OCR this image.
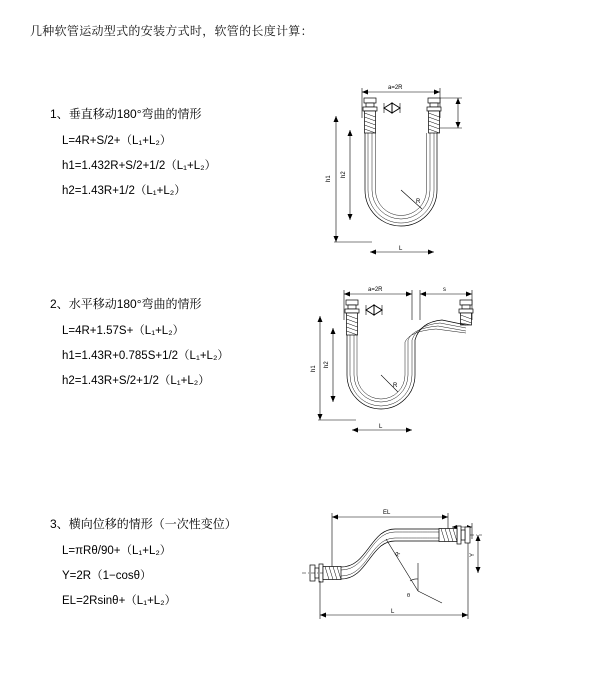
几种软管运动型式的安装方式时，软管的长度计算：
1、垂直移动180°弯曲的情形
L=4R+S/2+（L₁+L₂）
h1=1.432R+S/2+1/2（L₁+L₂）
h2=1.43R+1/2（L₁+L₂）
a=2R
h1
h2
R
L
2、水平移动180°弯曲的情形
L=4R+1.57S+（L₁+L₂）
h1=1.43R+0.785S+1/2（L₁+L₂）
h2=1.43R+S/2+1/2（L₁+L₂）
a=2R	s
h1
h2
R
L
3、横向位移的情形（一次性变位）
L=πRθ/90+（L₁+L₂）
Y=2R（1−cosθ）
EL=2Rsinθ+（L₁+L₂）
EL
Y
R
θ
L
